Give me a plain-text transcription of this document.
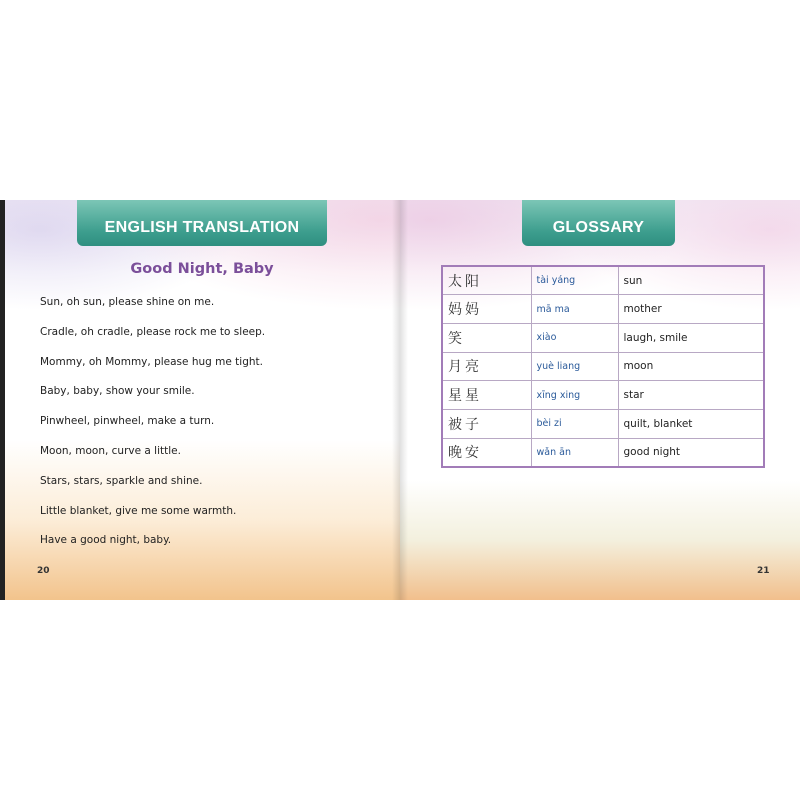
ENGLISH TRANSLATION
Good Night, Baby
Sun, oh sun, please shine on me.
Cradle, oh cradle, please rock me to sleep.
Mommy, oh Mommy, please hug me tight.
Baby, baby, show your smile.
Pinwheel, pinwheel, make a turn.
Moon, moon, curve a little.
Stars, stars, sparkle and shine.
Little blanket, give me some warmth.
Have a good night, baby.
20
GLOSSARY
太阳	tài yáng	sun
妈妈	mā ma	mother
笑	xiào	laugh, smile
月亮	yuè liang	moon
星星	xīng xing	star
被子	bèi zi	quilt, blanket
晚安	wǎn ān	good night
21
